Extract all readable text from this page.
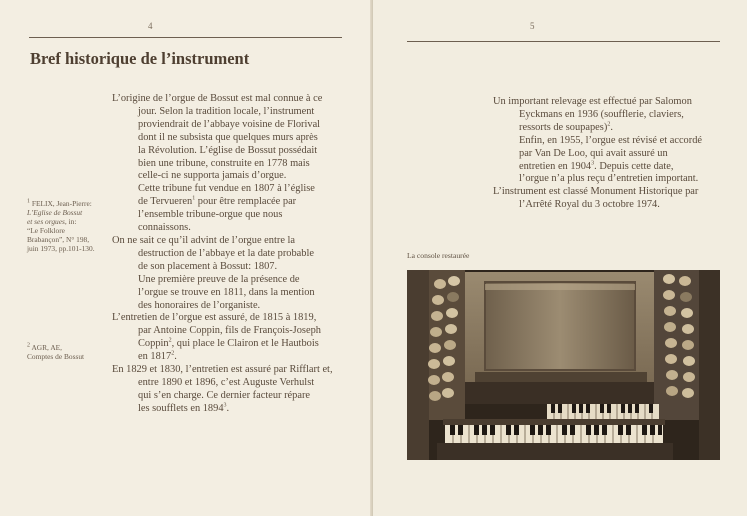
4
Bref historique de l’instrument
$^1$ FELIX, Jean-Pierre:
L’Eglise de Bossut
et ses orgues, in:
“Le Folklore
Brabançon”, N° 198,
juin 1973, pp.101-130.
$^2$ AGR, AE,
Comptes de Bossut

L’origine de l’orgue de Bossut est mal connue à ce

jour. Selon la tradition locale, l’instrument

proviendrait de l’abbaye voisine de Florival

dont il ne subsista que quelques murs après

la Révolution. L’église de Bossut possédait

bien une tribune, construite en 1778 mais

celle-ci ne supporta jamais d’orgue.

Cette tribune fut vendue en 1807 à l’église

de Tervueren$^1$ pour être remplacée par

l’ensemble tribune-orgue que nous

connaissons.

On ne sait ce qu’il advint de l’orgue entre la

destruction de l’abbaye et la date probable

de son placement à Bossut: 1807.

Une première preuve de la présence de

l’orgue se trouve en 1811, dans la mention

des honoraires de l’organiste.

L’entretien de l’orgue est assuré, de 1815 à 1819,

par Antoine Coppin, fils de François-Joseph

Coppin$^2$, qui place le Clairon et le Hautbois

en 1817$^2$.

En 1829 et 1830, l’entretien est assuré par Rifflart et,

entre 1890 et 1896, c’est Auguste Verhulst

qui s’en charge. Ce dernier facteur répare

les soufflets en 1894$^3$.

5

Un important relevage est effectué par Salomon

Eyckmans en 1936 (soufflerie, claviers,

ressorts de soupapes)$^2$.

Enfin, en 1955, l’orgue est révisé et accordé

par Van De Loo, qui avait assuré un

entretien en 1904$^3$. Depuis cette date,

l’orgue n’a plus reçu d’entretien important.

L’instrument est classé Monument Historique par

l’Arrêté Royal du 3 octobre 1974.

La console restaurée
